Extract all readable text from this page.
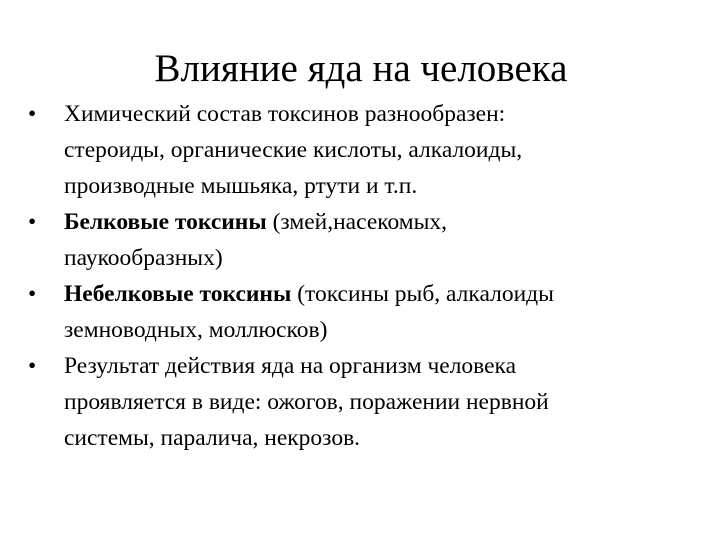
Влияние яда на человека
•	Химический состав токсинов разнообразен:
стероиды, органические кислоты, алкалоиды,
производные мышьяка, ртути и т.п.
•	Белковые токсины (змей,насекомых,
паукообразных)
•	Небелковые токсины (токсины рыб, алкалоиды
земноводных, моллюсков)
•	Результат действия яда на организм человека
проявляется в виде: ожогов, поражении нервной
системы, паралича, некрозов.
